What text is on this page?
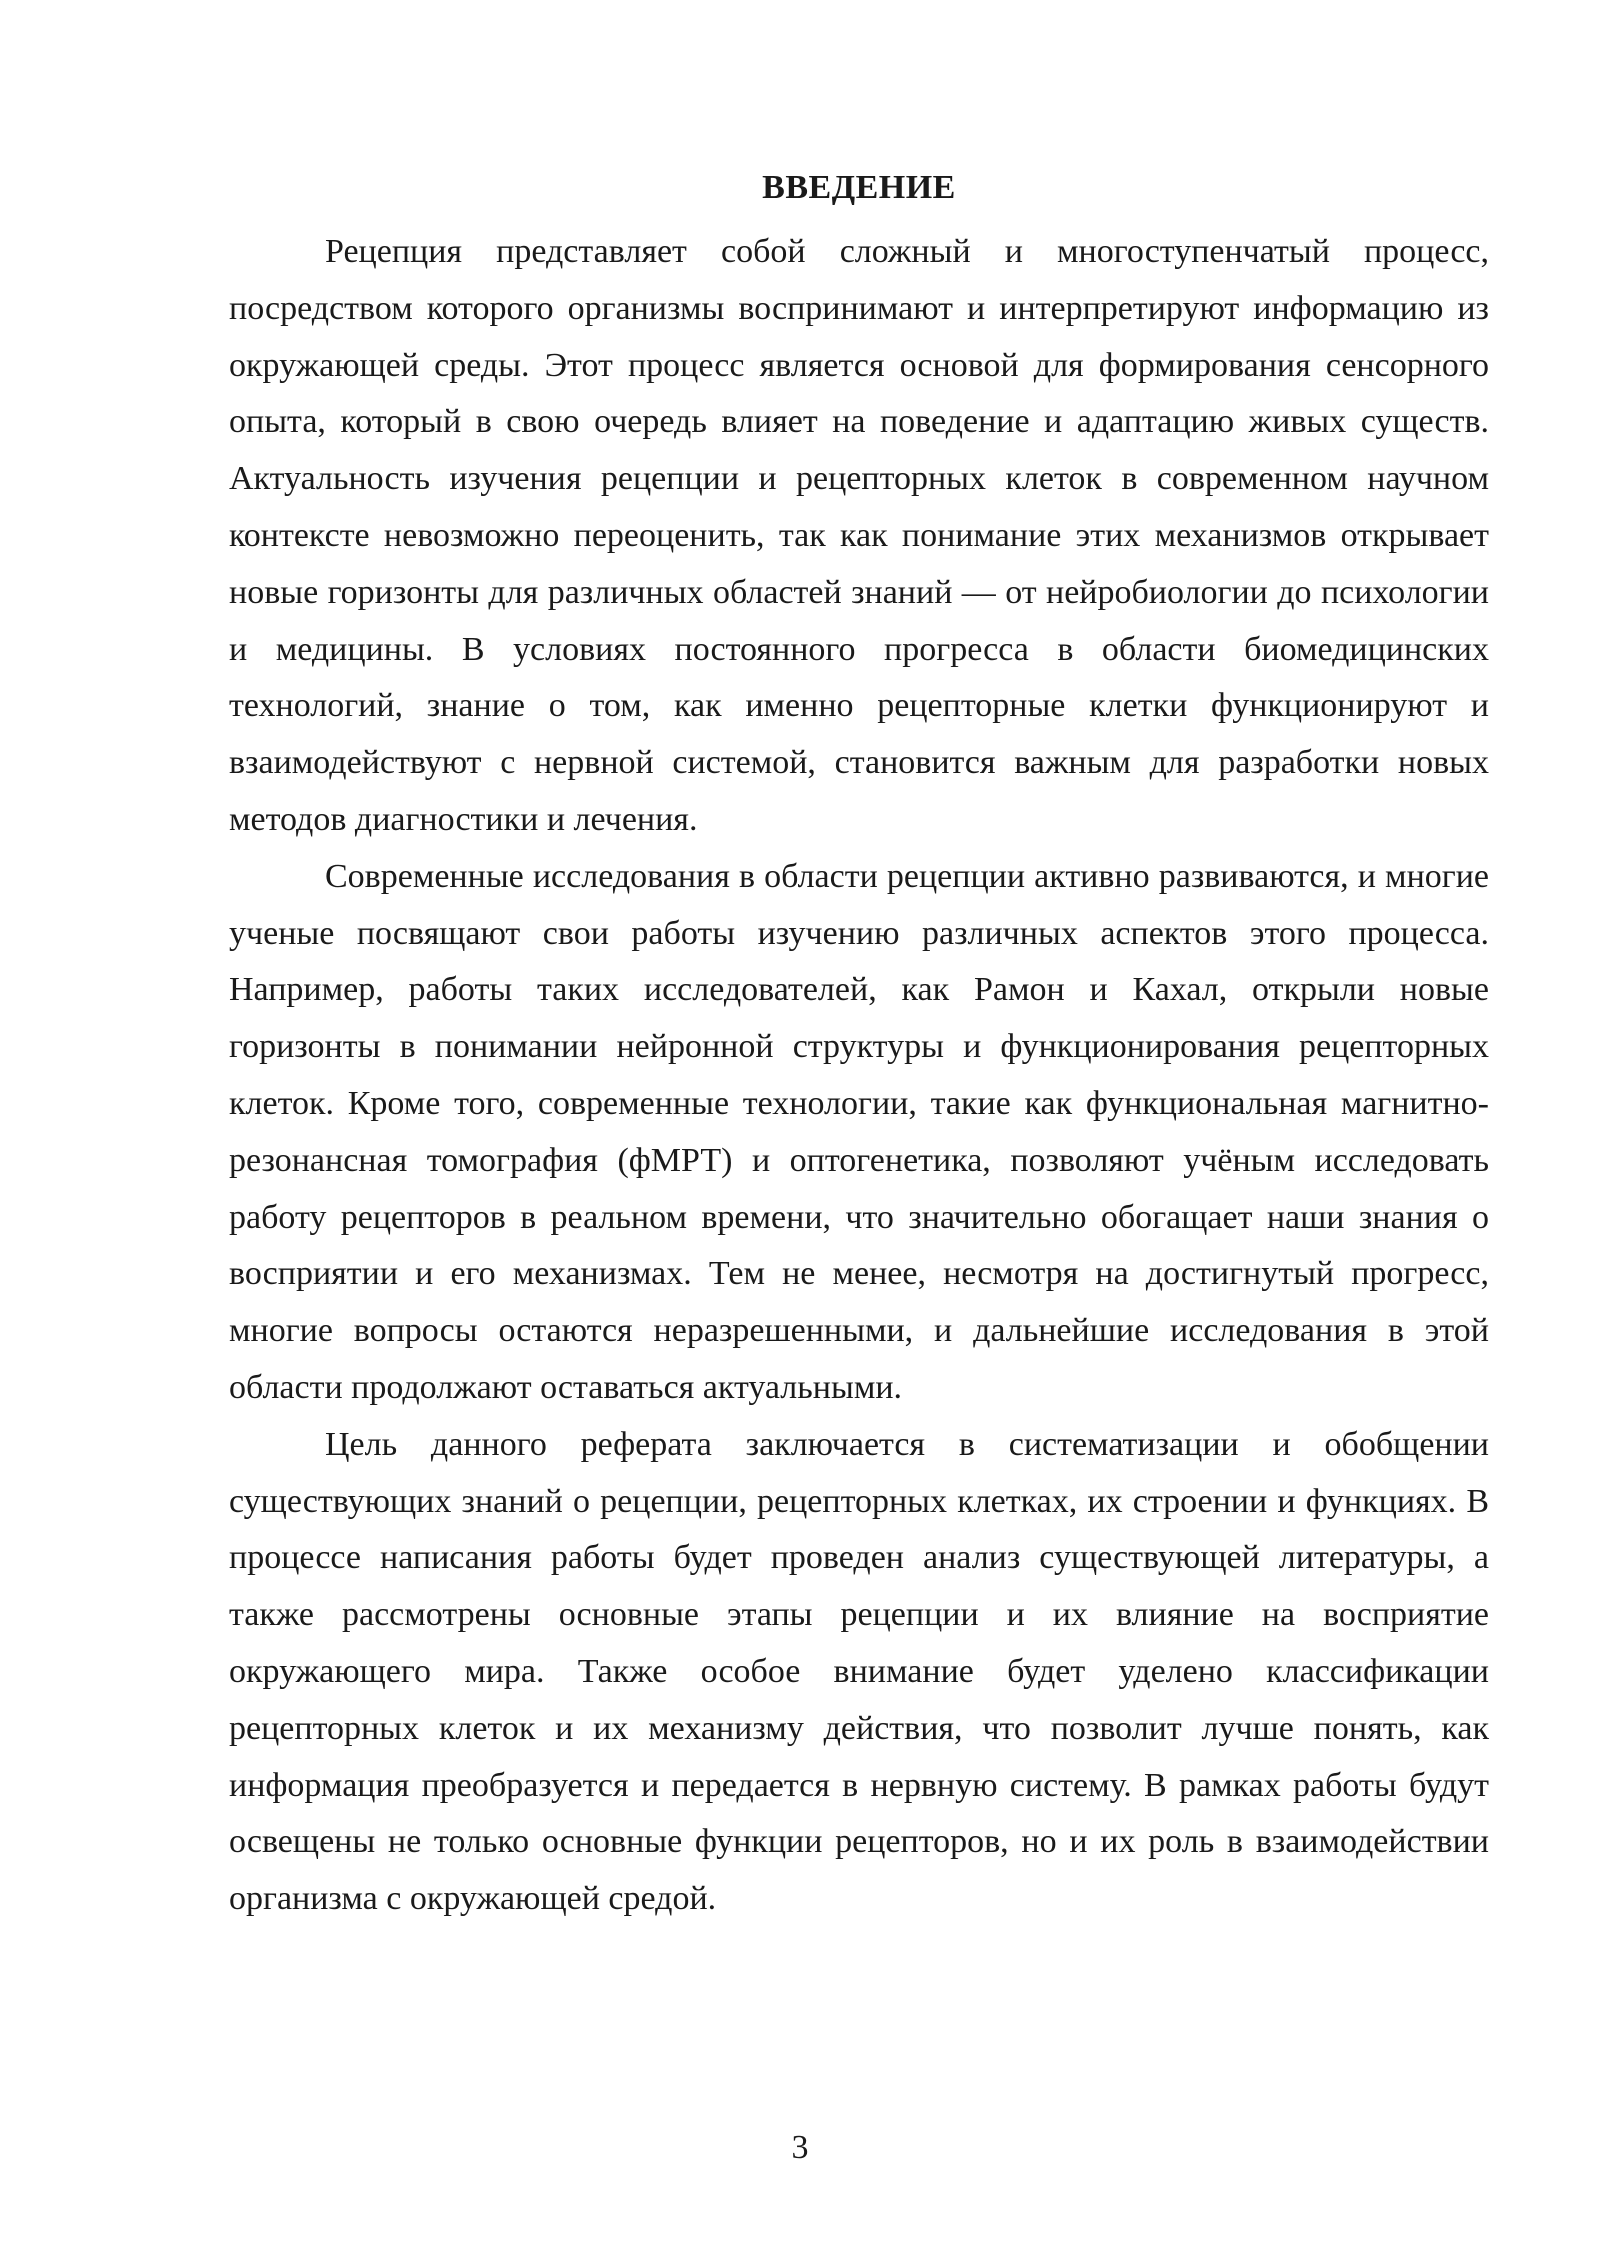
ВВЕДЕНИЕ

Рецепция представляет собой сложный и многоступенчатый процесс, посредством которого организмы воспринимают и интерпретируют информацию из окружающей среды. Этот процесс является основой для формирования сенсорного опыта, который в свою очередь влияет на поведение и адаптацию живых существ. Актуальность изучения рецепции и рецепторных клеток в современном научном контексте невозможно переоценить, так как понимание этих механизмов открывает новые горизонты для различных областей знаний — от нейробиологии до психологии и медицины. В условиях постоянного прогресса в области биомедицинских технологий, знание о том, как именно рецепторные клетки функционируют и взаимодействуют с нервной системой, становится важным для разработки новых методов диагностики и лечения.

Современные исследования в области рецепции активно развиваются, и многие ученые посвящают свои работы изучению различных аспектов этого процесса. Например, работы таких исследователей, как Рамон и Кахал, открыли новые горизонты в понимании нейронной структуры и функционирования рецепторных клеток. Кроме того, современные технологии, такие как функциональная магнитно-резонансная томография (фМРТ) и оптогенетика, позволяют учёным исследовать работу рецепторов в реальном времени, что значительно обогащает наши знания о восприятии и его механизмах. Тем не менее, несмотря на достигнутый прогресс, многие вопросы остаются неразрешенными, и дальнейшие исследования в этой области продолжают оставаться актуальными.

Цель данного реферата заключается в систематизации и обобщении существующих знаний о рецепции, рецепторных клетках, их строении и функциях. В процессе написания работы будет проведен анализ существующей литературы, а также рассмотрены основные этапы рецепции и их влияние на восприятие окружающего мира. Также особое внимание будет уделено классификации рецепторных клеток и их механизму действия, что позволит лучше понять, как информация преобразуется и передается в нервную систему. В рамках работы будут освещены не только основные функции рецепторов, но и их роль в взаимодействии организма с окружающей средой.

3
